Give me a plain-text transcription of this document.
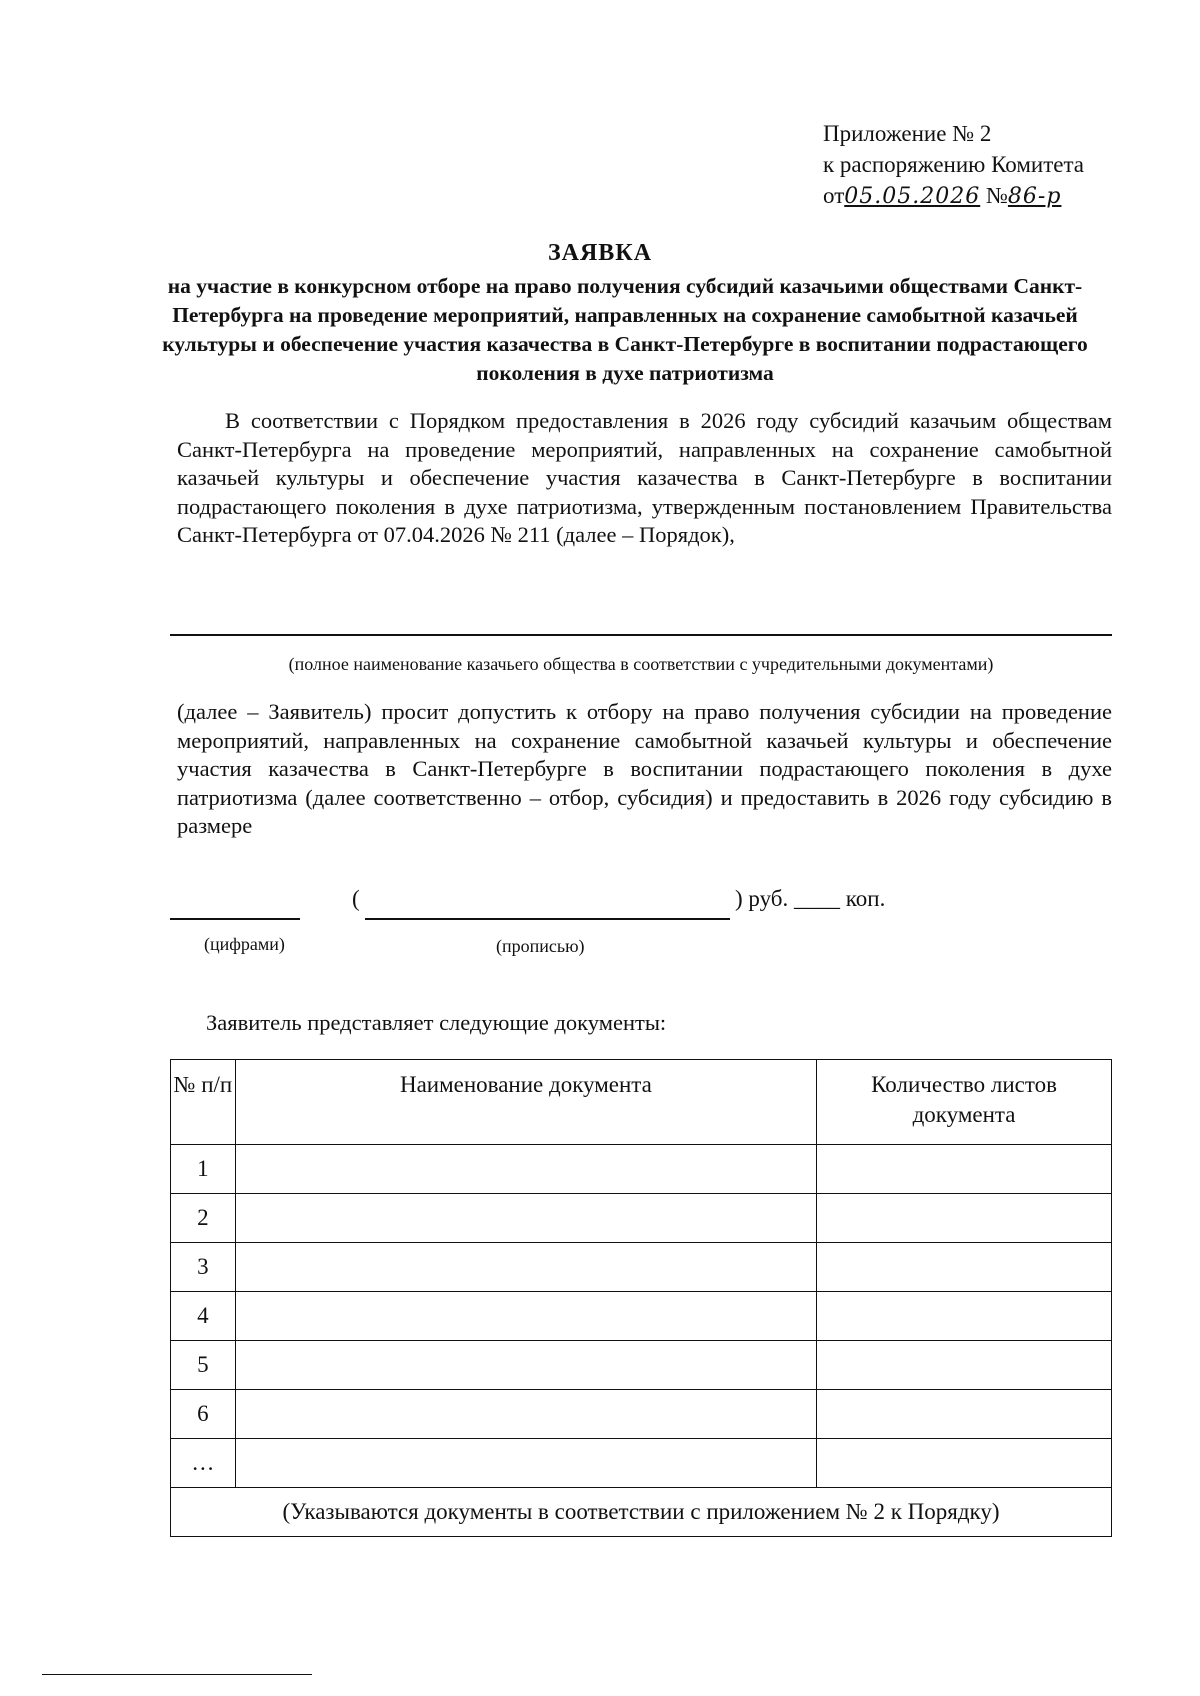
Приложение № 2
к распоряжению Комитета
от05.05.2026 №86-р
ЗАЯВКА
на участие в конкурсном отборе на право получения субсидий казачьими обществами Санкт-Петербурга на проведение мероприятий, направленных на сохранение самобытной казачьей культуры и обеспечение участия казачества в Санкт-Петербурге в воспитании подрастающего поколения в духе патриотизма
В соответствии с Порядком предоставления в 2026 году субсидий казачьим обществам Санкт-Петербурга на проведение мероприятий, направленных на сохранение самобытной казачьей культуры и обеспечение участия казачества в Санкт-Петербурге в воспитании подрастающего поколения в духе патриотизма, утвержденным постановлением Правительства Санкт-Петербурга от 07.04.2026 № 211 (далее – Порядок),
(полное наименование казачьего общества в соответствии с учредительными документами)
(далее – Заявитель) просит допустить к отбору на право получения субсидии на проведение мероприятий, направленных на сохранение самобытной казачьей культуры и обеспечение участия казачества в Санкт-Петербурге в воспитании подрастающего поколения в духе патриотизма (далее соответственно – отбор, субсидия) и предоставить в 2026 году субсидию в размере
(	) руб. ____ коп.
(цифрами)	(прописью)
Заявитель представляет следующие документы:
№ п/п	Наименование документа	Количество листов документа
1		
2		
3		
4		
5		
6		
…		
(Указываются документы в соответствии с приложением № 2 к Порядку)		
